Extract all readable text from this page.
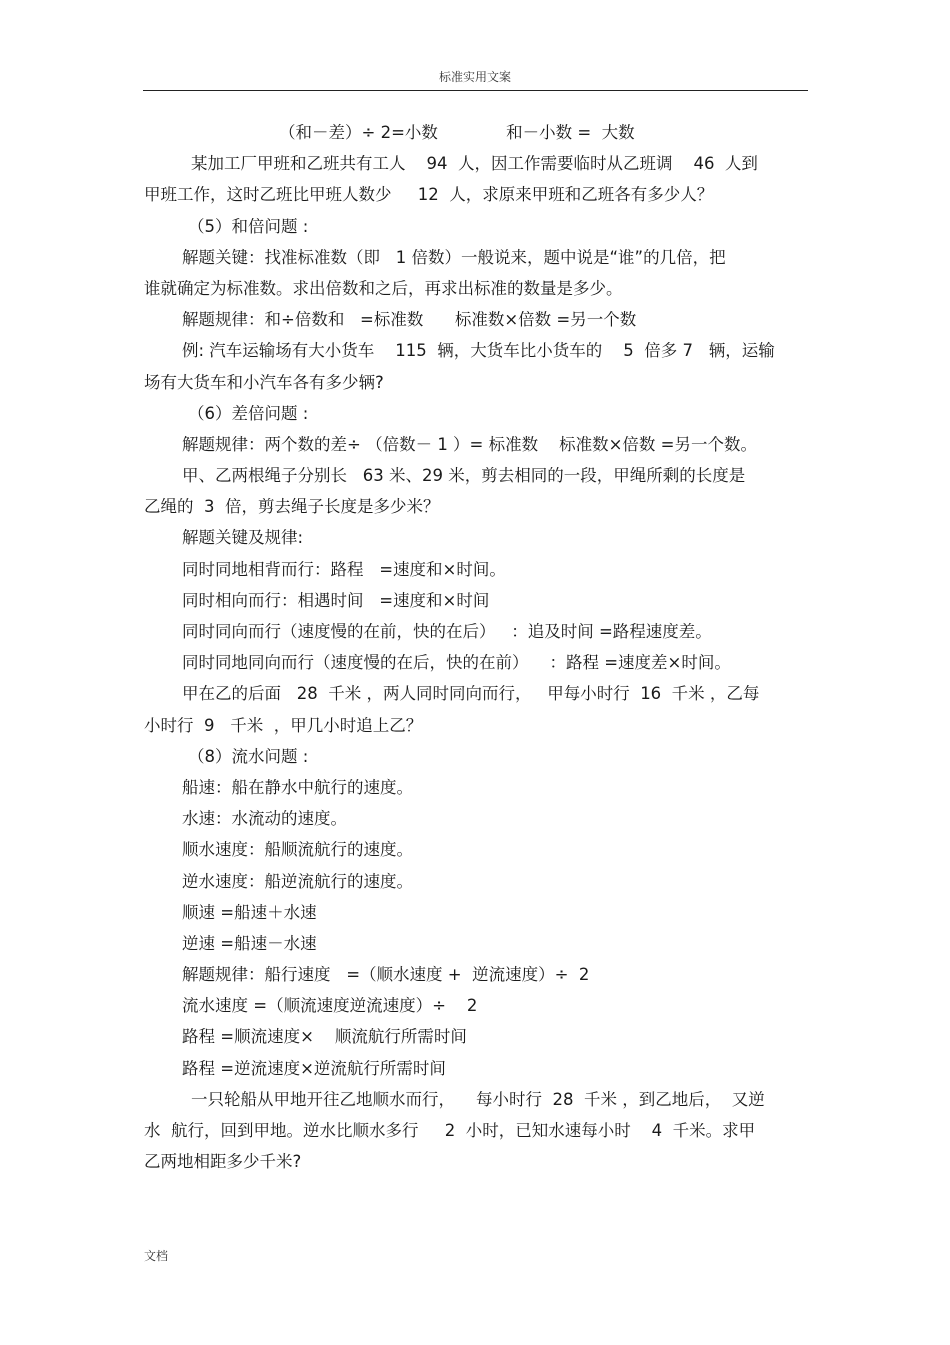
标准实用文案
（和－差）÷ 2=小数             和－小数 =  大数
某加工厂甲班和乙班共有工人    94  人，因工作需要临时从乙班调    46  人到
甲班工作，这时乙班比甲班人数少     12  人，求原来甲班和乙班各有多少人？
（5）和倍问题 :
解题关键：找准标准数（即   1 倍数）一般说来，题中说是“谁”的几倍，把
谁就确定为标准数。求出倍数和之后，再求出标准的数量是多少。
解题规律：和÷倍数和   =标准数      标准数×倍数 =另一个数
例: 汽车运输场有大小货车    115  辆，大货车比小货车的    5  倍多 7   辆，运输
场有大货车和小汽车各有多少辆?
（6）差倍问题 :
解题规律：两个数的差÷ （倍数－ 1 ）= 标准数    标准数×倍数 =另一个数。
甲、乙两根绳子分别长   63 米、29 米，剪去相同的一段，甲绳所剩的长度是
乙绳的  3  倍，剪去绳子长度是多少米？
解题关键及规律:
同时同地相背而行：路程   =速度和×时间。
同时相向而行：相遇时间   =速度和×时间
同时同向而行（速度慢的在前，快的在后）   ：追及时间 =路程速度差。
同时同地同向而行（速度慢的在后，快的在前）    ：路程 =速度差×时间。
甲在乙的后面   28  千米 ，两人同时同向而行，   甲每小时行  16  千米 ，乙每
小时行  9   千米  ，甲几小时追上乙？
（8）流水问题 :
船速：船在静水中航行的速度。
水速：水流动的速度。
顺水速度：船顺流航行的速度。
逆水速度：船逆流航行的速度。
顺速 =船速＋水速
逆速 =船速－水速
解题规律：船行速度   =（顺水速度 +  逆流速度）÷  2
流水速度 =（顺流速度逆流速度）÷    2
路程 =顺流速度×    顺流航行所需时间
路程 =逆流速度×逆流航行所需时间
一只轮船从甲地开往乙地顺水而行，    每小时行  28  千米 ，到乙地后，  又逆
水  航行，回到甲地。逆水比顺水多行     2  小时，已知水速每小时    4  千米。求甲
乙两地相距多少千米?
文档
